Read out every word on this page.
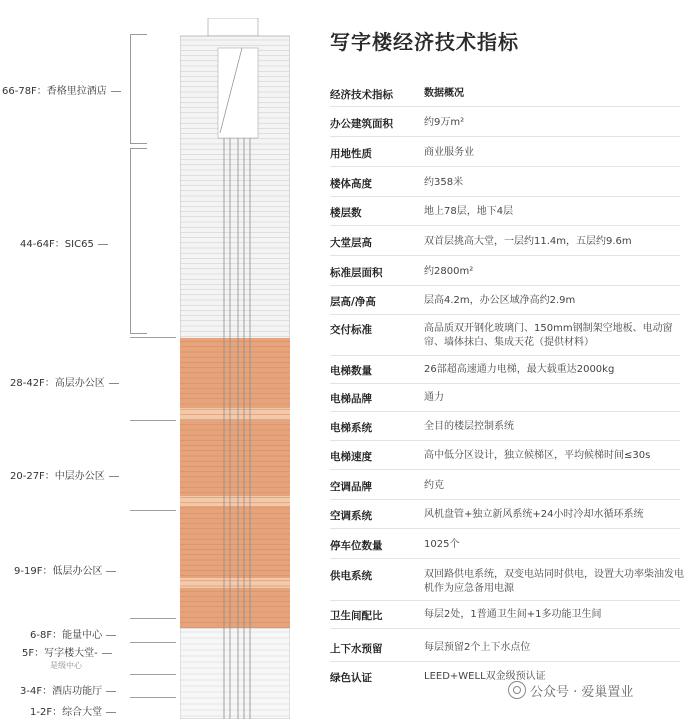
66-78F：香格里拉酒店
44-64F：SIC65
28-42F：高层办公区
20-27F：中层办公区
9-19F：低层办公区
6-8F：能量中心
5F：写字楼大堂-
是级中心
3-4F：酒店功能厅
1-2F：综合大堂
写字楼经济技术指标
经济技术指标	数据概况
办公建筑面积	约9万m²
用地性质	商业服务业
楼体高度	约358米
楼层数	地上78层，地下4层
大堂层高	双首层挑高大堂，一层约11.4m，五层约9.6m
标准层面积	约2800m²
层高/净高	层高4.2m，办公区域净高约2.9m
交付标准	高品质双开钢化玻璃门、150mm钢制架空地板、电动窗帘、墙体抹白、集成天花（提供材料）
电梯数量	26部超高速通力电梯，最大载重达2000kg
电梯品牌	通力
电梯系统	全目的楼层控制系统
电梯速度	高中低分区设计，独立候梯区，平均候梯时间≤30s
空调品牌	约克
空调系统	风机盘管+独立新风系统+24小时冷却水循环系统
停车位数量	1025个
供电系统	双回路供电系统，双变电站同时供电，设置大功率柴油发电机作为应急备用电源
卫生间配比	每层2处，1普通卫生间+1多功能卫生间
上下水预留	每层预留2个上下水点位
绿色认证	LEED+WELL双金级预认证
公众号 · 爱巢置业
